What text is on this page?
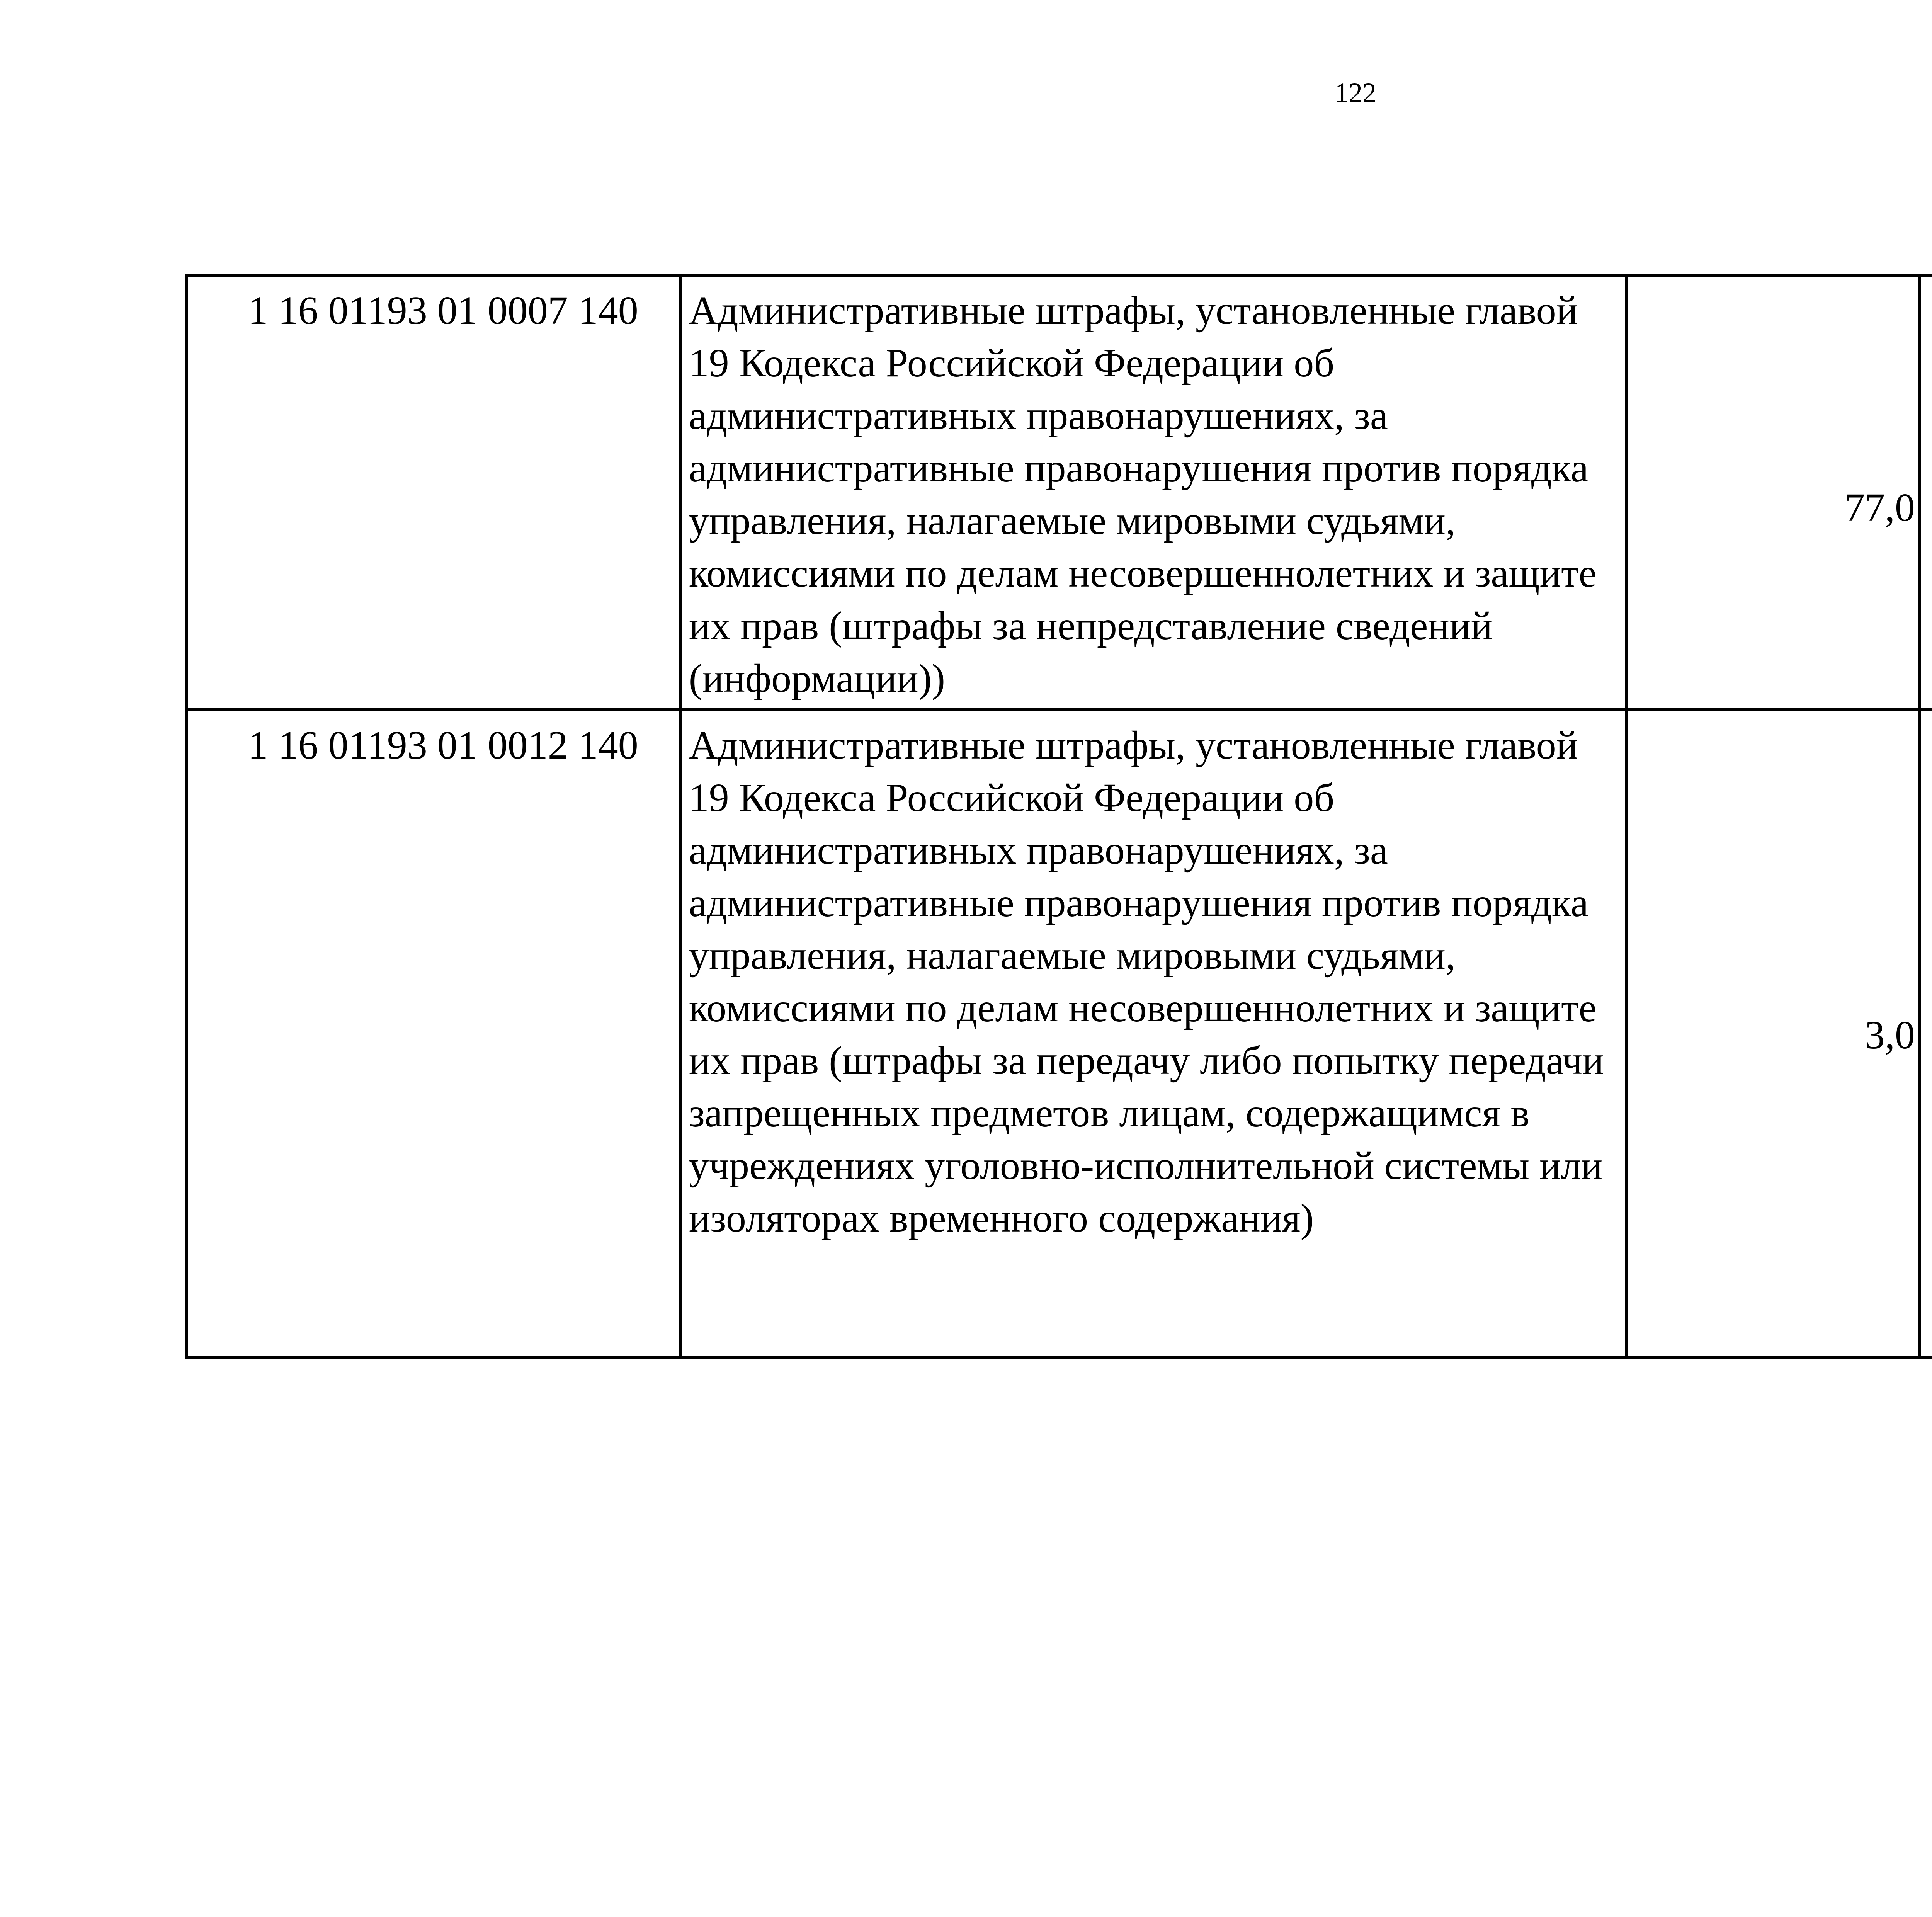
122
1 16 01193 01 0007 140	Административные штрафы, установленные главой 19 Кодекса Российской Федерации об административных правонарушениях, за административные правонарушения против порядка управления, налагаемые мировыми судьями, комиссиями по делам несовершеннолетних и защите их прав (штрафы за непредставление сведений (информации))	77,0		
1 16 01193 01 0012 140	Административные штрафы, установленные главой 19 Кодекса Российской Федерации об административных правонарушениях, за административные правонарушения против порядка управления, налагаемые мировыми судьями, комиссиями по делам несовершеннолетних и защите их прав (штрафы за передачу либо попытку передачи запрещенных предметов лицам, содержащимся в учреждениях уголовно-исполнительной системы или изоляторах временного содержания)	3,0		
